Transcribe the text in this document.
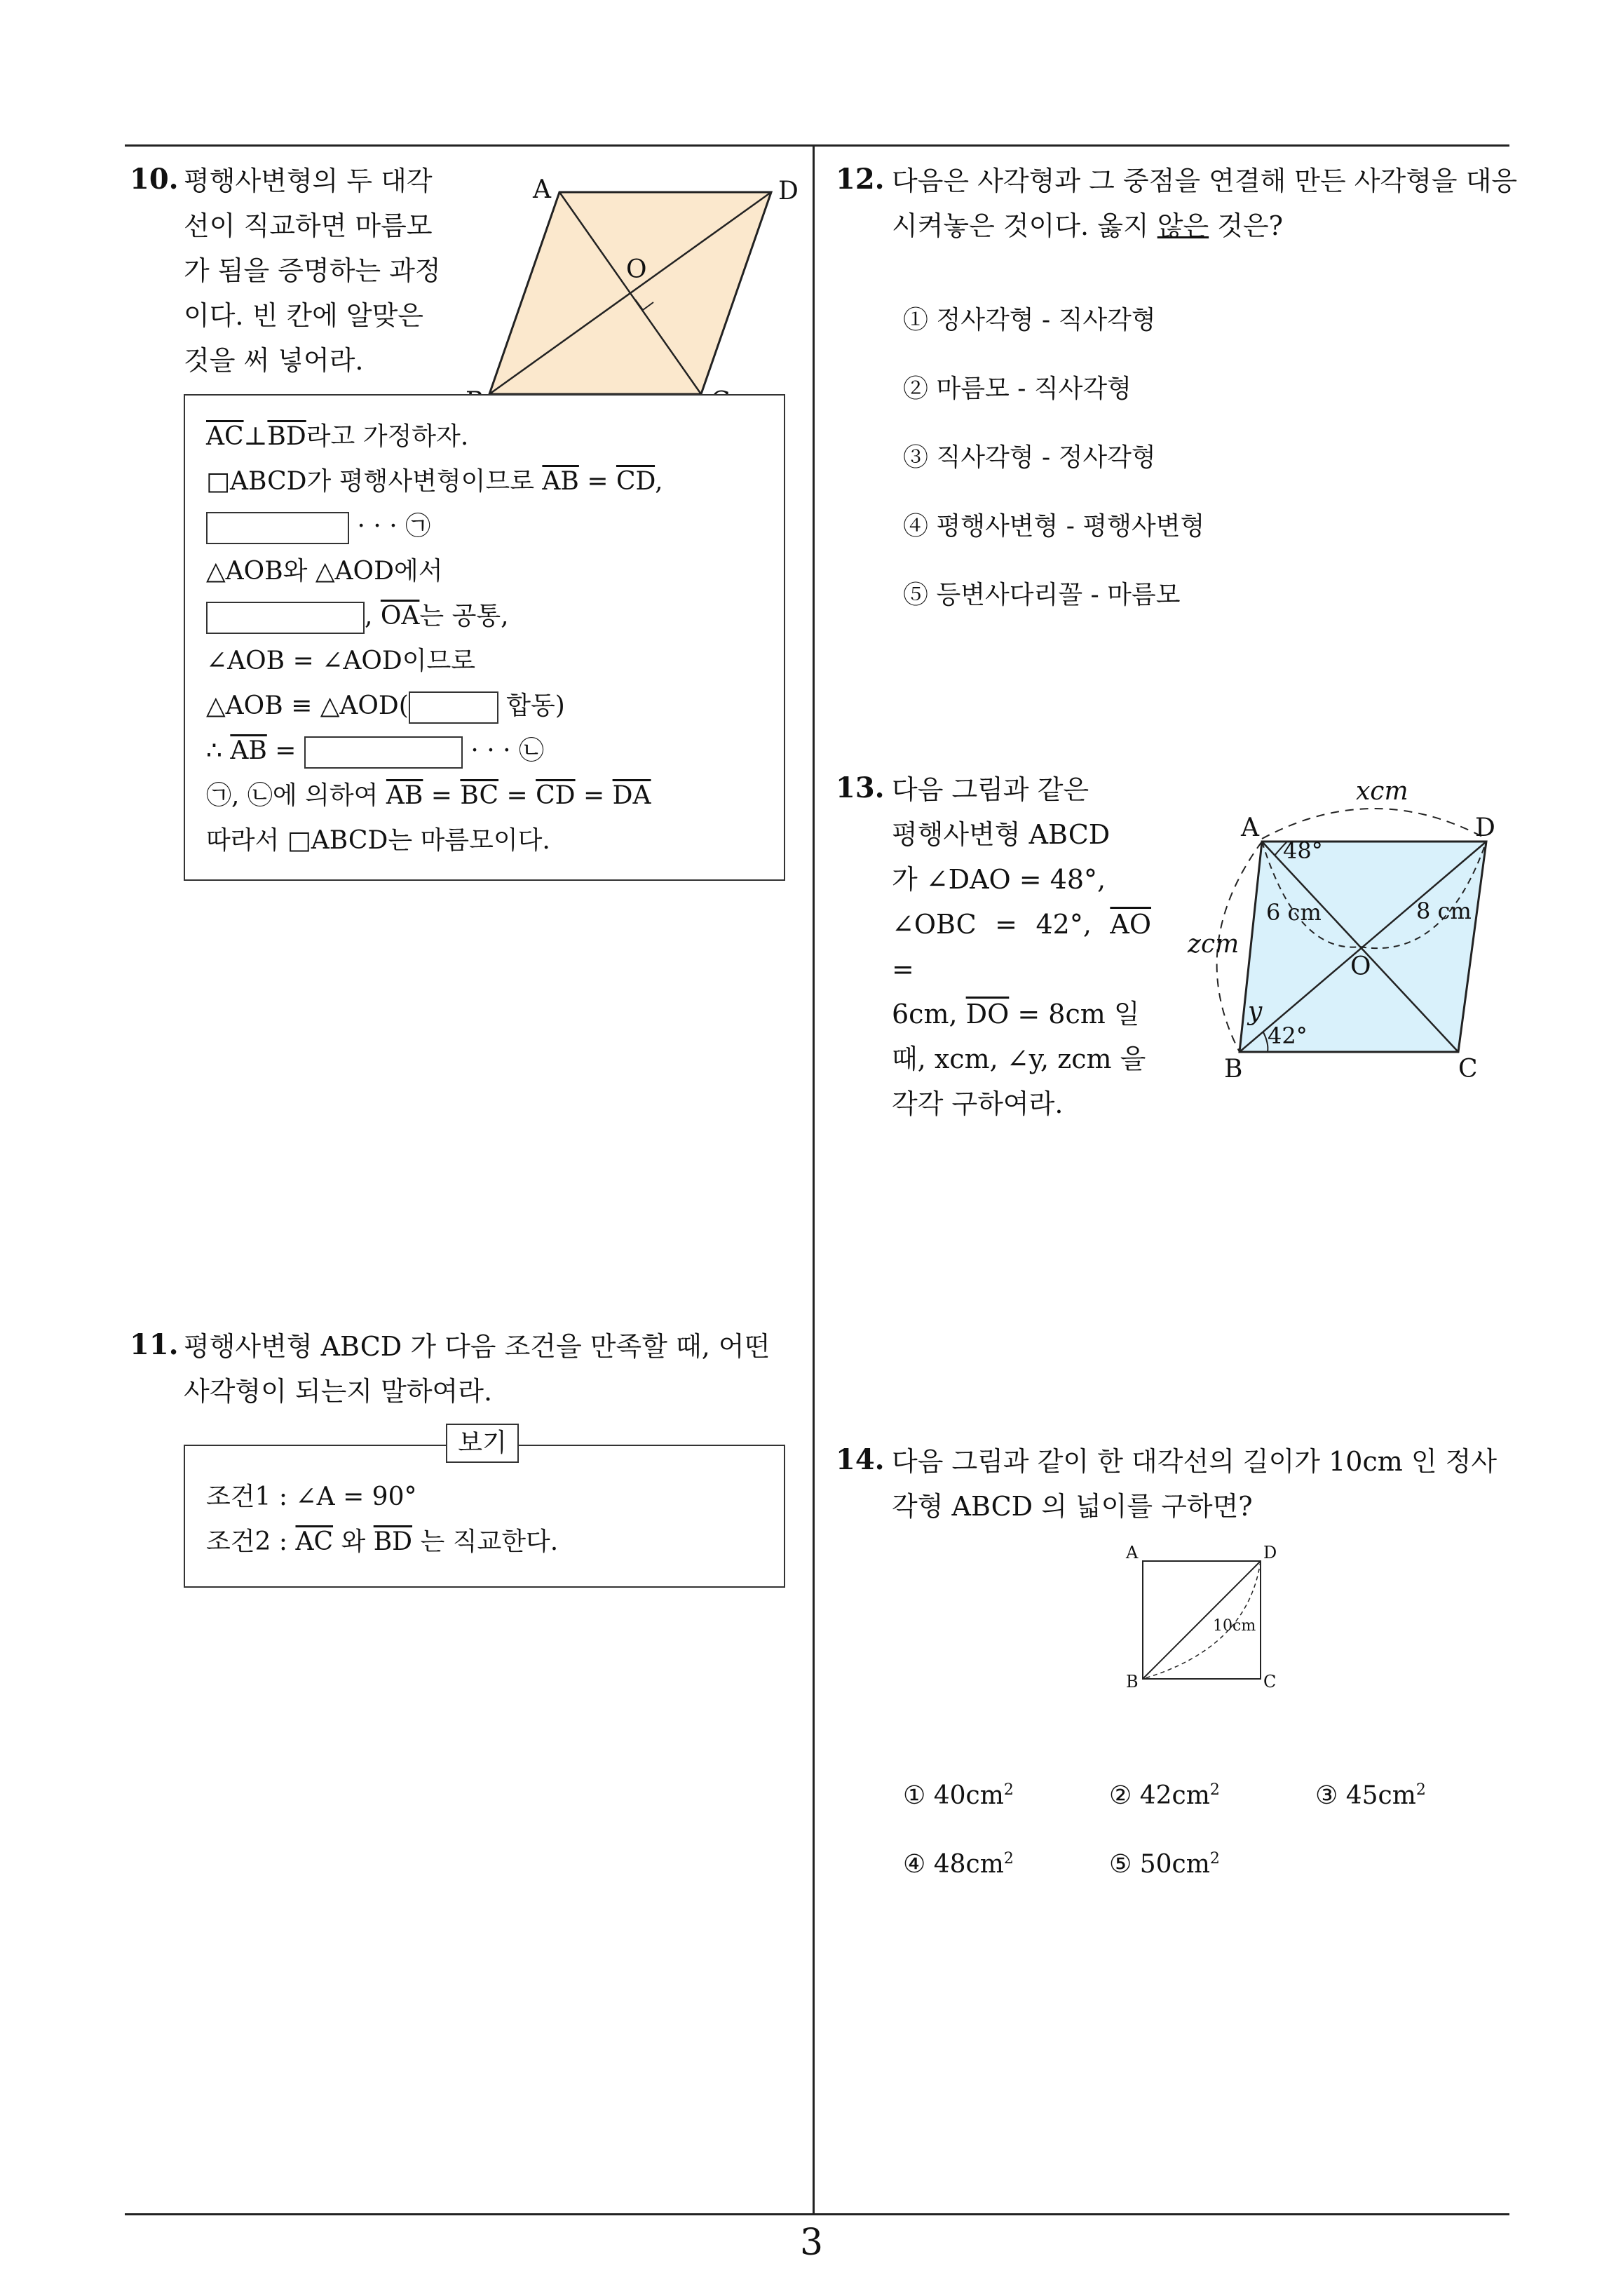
10. 평행사변형의 두 대각
선이 직교하면 마름모
가 됨을 증명하는 과정
이다. 빈 칸에 알맞은
것을 써 넣어라.
A	D
O
$\overline{AC}\perp\overline{BD}$라고 가정하자.
□ABCD가 평행사변형이므로 $\overline{AB} = \overline{CD}$,
· · · ㉠
△AOB와 △AOD에서
, $\overline{OA}$는 공통,
∠AOB = ∠AOD이므로
△AOB ≡ △AOD(	합동)
∴ $\overline{AB}$ =	· · · ㉡
㉠, ㉡에 의하여 $\overline{AB} = \overline{BC} = \overline{CD} = \overline{DA}$
따라서 □ABCD는 마름모이다.
11. 평행사변형 ABCD 가 다음 조건을 만족할 때, 어떤
사각형이 되는지 말하여라.
조건1 : ∠A = 90°
조건2 : $\overline{AC}$ 와 $\overline{BD}$ 는 직교한다.
보기
12. 다음은 사각형과 그 중점을 연결해 만든 사각형을 대응
시켜놓은 것이다. 옳지 않은 것은?
① 정사각형 - 직사각형
② 마름모 - 직사각형
③ 직사각형 - 정사각형
④ 평행사변형 - 평행사변형
⑤ 등변사다리꼴 - 마름모
13. 다음 그림과 같은
평행사변형 ABCD
가 ∠DAO = 48°,
∠OBC = 42°, $\overline{AO}$ =
6cm, $\overline{DO} = 8cm$ 일
때, xcm, ∠y, zcm 을
각각 구하여라.
xcm
A	D
48°
6 cm	8 cm
zcm
O
y
42°
B	C
14. 다음 그림과 같이 한 대각선의 길이가 10cm 인 정사
각형 ABCD 의 넓이를 구하면?
A	D
10cm
B	C
① $40cm^2$	② $42cm^2$	③ $45cm^2$
④ $48cm^2$	⑤ $50cm^2$
3
